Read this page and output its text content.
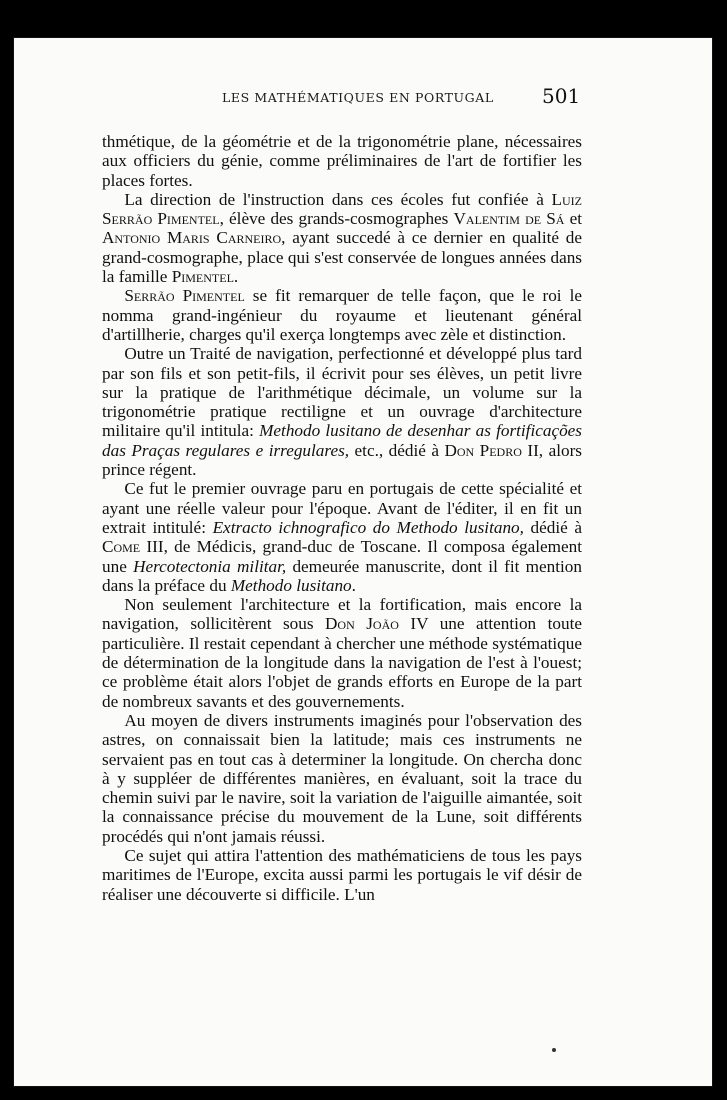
LES MATHÉMATIQUES EN PORTUGAL 501

thmétique, de la géométrie et de la trigonométrie plane, nécessaires aux officiers du génie, comme préliminaires de l'art de fortifier les places fortes.

La direction de l'instruction dans ces écoles fut confiée à Luiz Serrão Pimentel, élève des grands-cosmographes Valentim de Sá et Antonio Maris Carneiro, ayant succedé à ce dernier en qualité de grand-cosmographe, place qui s'est conservée de longues années dans la famille Pimentel.

Serrão Pimentel se fit remarquer de telle façon, que le roi le nomma grand-ingénieur du royaume et lieutenant général d'artillherie, charges qu'il exerça longtemps avec zèle et distinction.

Outre un Traité de navigation, perfectionné et développé plus tard par son fils et son petit-fils, il écrivit pour ses élèves, un petit livre sur la pratique de l'arithmétique décimale, un volume sur la trigonométrie pratique rectiligne et un ouvrage d'architecture militaire qu'il intitula: Methodo lusitano de desenhar as fortificações das Praças regulares e irregulares, etc., dédié à Don Pedro II, alors prince régent.

Ce fut le premier ouvrage paru en portugais de cette spécialité et ayant une réelle valeur pour l'époque. Avant de l'éditer, il en fit un extrait intitulé: Extracto ichnografico do Methodo lusitano, dédié à Come III, de Médicis, grand-duc de Toscane. Il composa également une Hercotectonia militar, demeurée manuscrite, dont il fit mention dans la préface du Methodo lusitano.

Non seulement l'architecture et la fortification, mais encore la navigation, sollicitèrent sous Don João IV une attention toute particulière. Il restait cependant à chercher une méthode systématique de détermination de la longitude dans la navigation de l'est à l'ouest; ce problème était alors l'objet de grands efforts en Europe de la part de nombreux savants et des gouvernements.

Au moyen de divers instruments imaginés pour l'observation des astres, on connaissait bien la latitude; mais ces instruments ne servaient pas en tout cas à determiner la longitude. On chercha donc à y suppléer de différentes manières, en évaluant, soit la trace du chemin suivi par le navire, soit la variation de l'aiguille aimantée, soit la connaissance précise du mouvement de la Lune, soit différents procédés qui n'ont jamais réussi.

Ce sujet qui attira l'attention des mathématiciens de tous les pays maritimes de l'Europe, excita aussi parmi les portugais le vif désir de réaliser une découverte si difficile. L'un
